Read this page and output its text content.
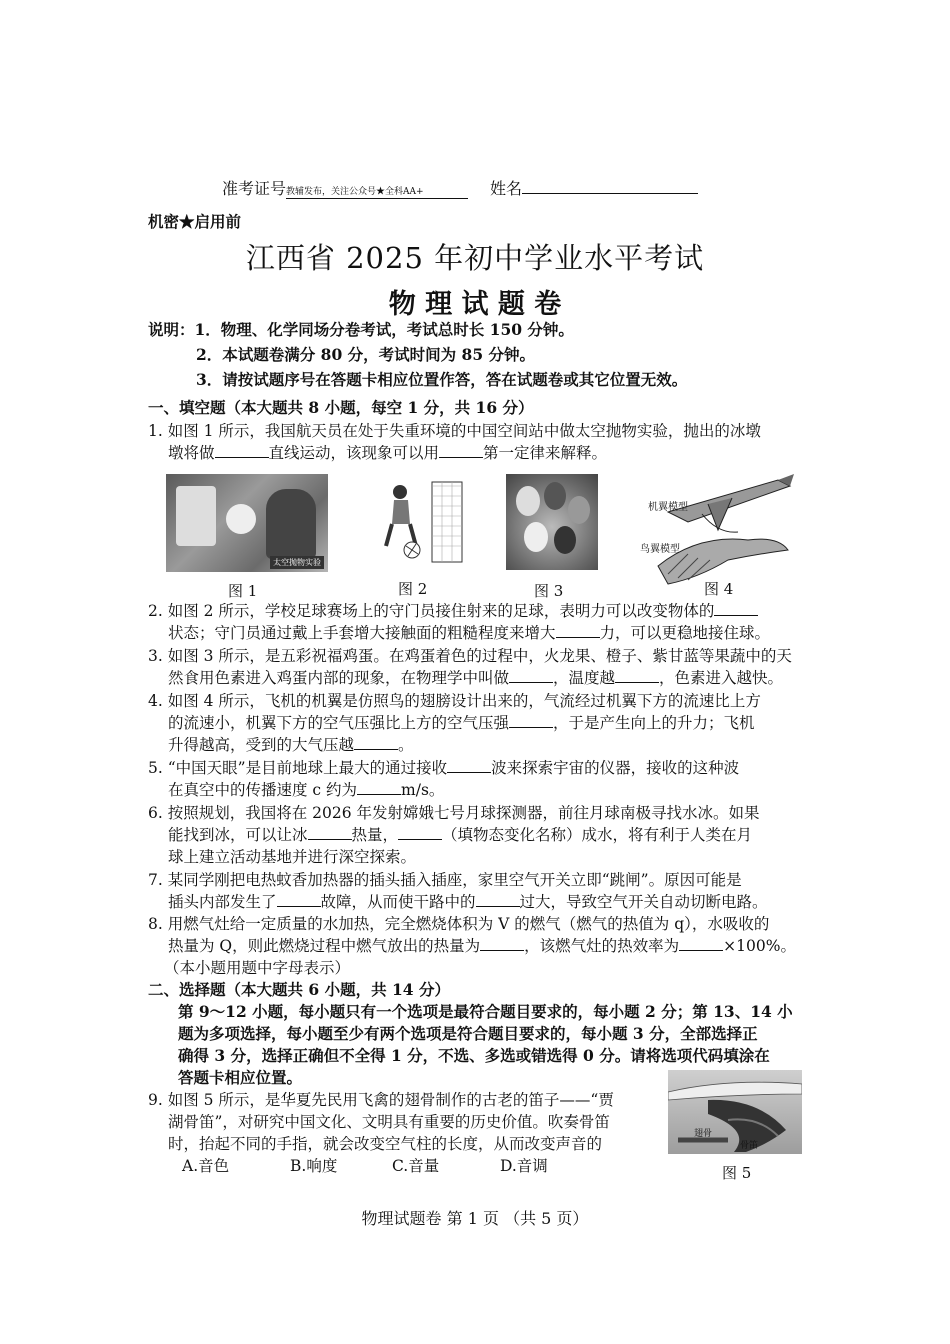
准考证号教辅发布，关注公众号★全科AA+	姓名
机密★启用前
江西省 2025 年初中学业水平考试
物 理 试 题 卷
说明：1．物理、化学同场分卷考试，考试总时长 150 分钟。
2．本试题卷满分 80 分，考试时间为 85 分钟。
3．请按试题序号在答题卡相应位置作答，答在试题卷或其它位置无效。
一、填空题（本大题共 8 小题，每空 1 分，共 16 分）
1. 如图 1 所示，我国航天员在处于失重环境的中国空间站中做太空抛物实验，抛出的冰墩
墩将做	直线运动，该现象可以用	第一定律来解释。
太空抛物实验
机翼模型
鸟翼模型
图 1	图 2	图 3	图 4
2. 如图 2 所示，学校足球赛场上的守门员接住射来的足球，表明力可以改变物体的
状态；守门员通过戴上手套增大接触面的粗糙程度来增大	力，可以更稳地接住球。
3. 如图 3 所示，是五彩祝福鸡蛋。在鸡蛋着色的过程中，火龙果、橙子、紫甘蓝等果蔬中的天
然食用色素进入鸡蛋内部的现象，在物理学中叫做	，温度越	，色素进入越快。
4. 如图 4 所示，飞机的机翼是仿照鸟的翅膀设计出来的，气流经过机翼下方的流速比上方
的流速小，机翼下方的空气压强比上方的空气压强	，于是产生向上的升力；飞机
升得越高，受到的大气压越	。
5. “中国天眼”是目前地球上最大的通过接收	波来探索宇宙的仪器，接收的这种波
在真空中的传播速度 c 约为	m/s。
6. 按照规划，我国将在 2026 年发射嫦娥七号月球探测器，前往月球南极寻找水冰。如果
能找到冰，可以让冰	热量，	（填物态变化名称）成水，将有利于人类在月
球上建立活动基地并进行深空探索。
7. 某同学刚把电热蚊香加热器的插头插入插座，家里空气开关立即“跳闸”。原因可能是
插头内部发生了	故障，从而使干路中的	过大，导致空气开关自动切断电路。
8. 用燃气灶给一定质量的水加热，完全燃烧体积为 V 的燃气（燃气的热值为 q），水吸收的
热量为 Q，则此燃烧过程中燃气放出的热量为	，该燃气灶的热效率为	×100%。
（本小题用题中字母表示）
二、选择题（本大题共 6 小题，共 14 分）
第 9～12 小题，每小题只有一个选项是最符合题目要求的，每小题 2 分；第 13、14 小
题为多项选择，每小题至少有两个选项是符合题目要求的，每小题 3 分，全部选择正
确得 3 分，选择正确但不全得 1 分，不选、多选或错选得 0 分。请将选项代码填涂在
答题卡相应位置。
9. 如图 5 所示，是华夏先民用飞禽的翅骨制作的古老的笛子——“贾
湖骨笛”，对研究中国文化、文明具有重要的历史价值。吹奏骨笛
时，抬起不同的手指，就会改变空气柱的长度，从而改变声音的
A.音色	B.响度	C.音量	D.音调
翅骨
骨笛
图 5
物理试题卷 第 1 页 （共 5 页）
